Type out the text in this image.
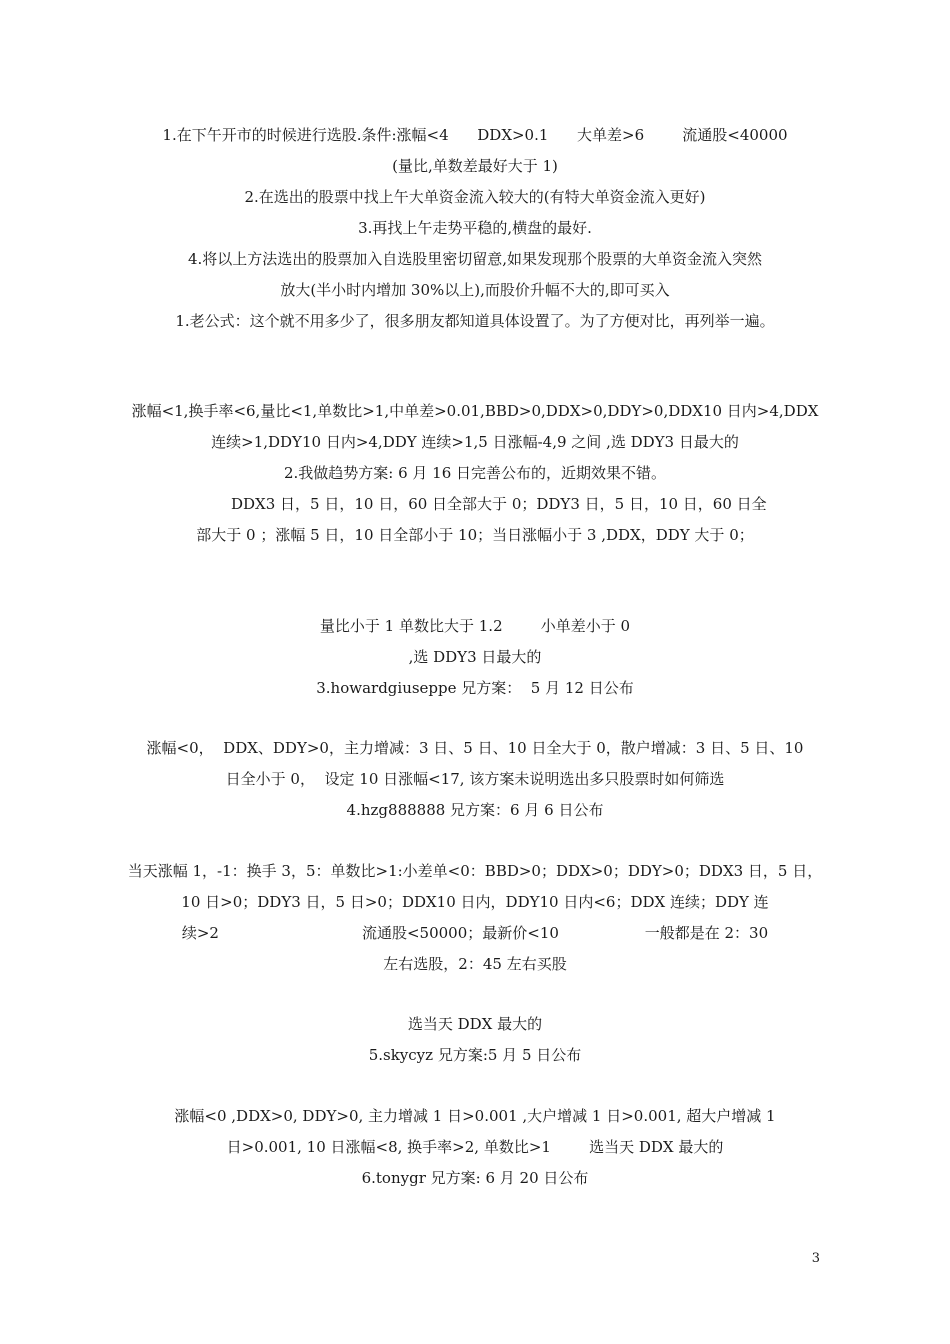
1.在下午开市的时候进行选股.条件:涨幅<4      DDX>0.1      大单差>6        流通股<40000
(量比,单数差最好大于 1)
2.在选出的股票中找上午大单资金流入较大的(有特大单资金流入更好)
3.再找上午走势平稳的,横盘的最好.
4.将以上方法选出的股票加入自选股里密切留意,如果发现那个股票的大单资金流入突然
放大(半小时内增加 30%以上),而股价升幅不大的,即可买入
1.老公式：这个就不用多少了，很多朋友都知道具体设置了。为了方便对比，再列举一遍。
涨幅<1,换手率<6,量比<1,单数比>1,中单差>0.01,BBD>0,DDX>0,DDY>0,DDX10 日内>4,DDX
连续>1,DDY10 日内>4,DDY 连续>1,5 日涨幅-4,9 之间 ,选 DDY3 日最大的
2.我做趋势方案: 6 月 16 日完善公布的，近期效果不错。
DDX3 日，5 日，10 日，60 日全部大于 0；DDY3 日，5 日，10 日，60 日全
部大于 0 ；涨幅 5 日，10 日全部小于 10；当日涨幅小于 3 ,DDX，DDY 大于 0；
量比小于 1 单数比大于 1.2        小单差小于 0
,选 DDY3 日最大的
3.howardgiuseppe 兄方案：  5 月 12 日公布
涨幅<0，  DDX、DDY>0，主力增减：3 日、5 日、10 日全大于 0，散户增减：3 日、5 日、10
日全小于 0，  设定 10 日涨幅<17, 该方案未说明选出多只股票时如何筛选
4.hzg888888 兄方案：6 月 6 日公布
当天涨幅 1，-1：换手 3，5：单数比>1:小差单<0：BBD>0；DDX>0；DDY>0；DDX3 日，5 日，
10 日>0；DDY3 日，5 日>0；DDX10 日内，DDY10 日内<6；DDX 连续；DDY 连
续>2                              流通股<50000；最新价<10                  一般都是在 2：30
左右选股，2：45 左右买股
选当天 DDX 最大的
5.skycyz 兄方案:5 月 5 日公布
涨幅<0 ,DDX>0, DDY>0, 主力增减 1 日>0.001 ,大户增减 1 日>0.001, 超大户增减 1
日>0.001, 10 日涨幅<8, 换手率>2, 单数比>1        选当天 DDX 最大的
6.tonygr 兄方案: 6 月 20 日公布
3
